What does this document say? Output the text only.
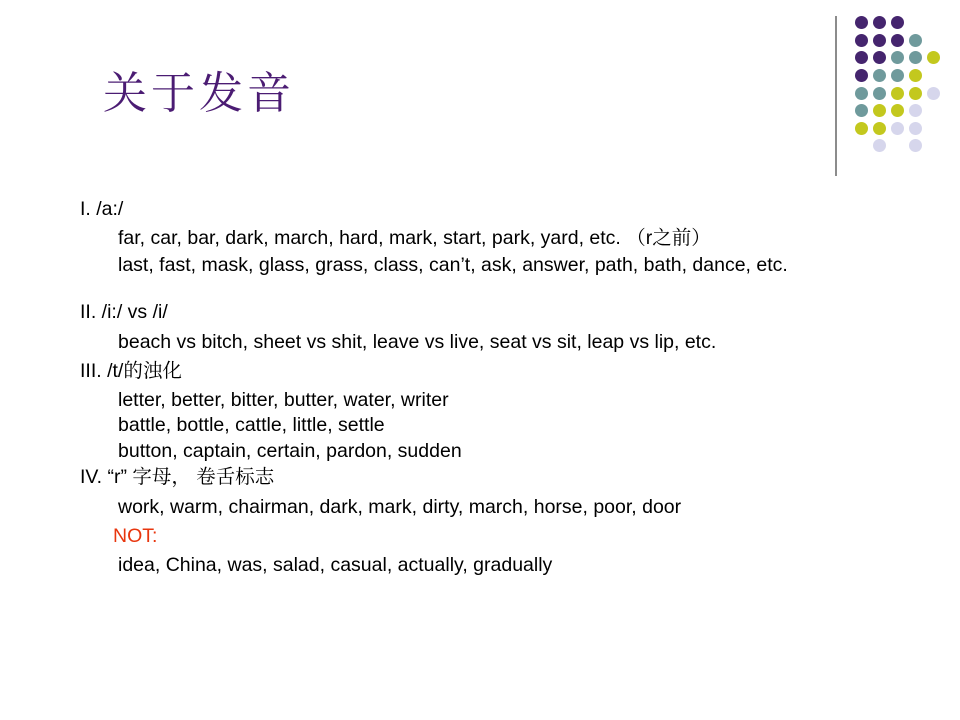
关于发音
I. /a:/
far, car, bar, dark, march, hard, mark, start, park, yard, etc. （r之前）
last, fast, mask, glass, grass, class, can’t, ask, answer, path, bath, dance, etc.
II. /i:/ vs /i/
beach vs bitch, sheet vs shit, leave vs live, seat vs sit, leap vs lip, etc.
III. /t/的浊化
letter, better, bitter, butter, water, writer
battle, bottle, cattle, little, settle
button, captain, certain, pardon, sudden
IV. “r” 字母， 卷舌标志
work, warm, chairman, dark, mark, dirty, march, horse, poor, door
NOT:
idea, China, was, salad, casual, actually, gradually
